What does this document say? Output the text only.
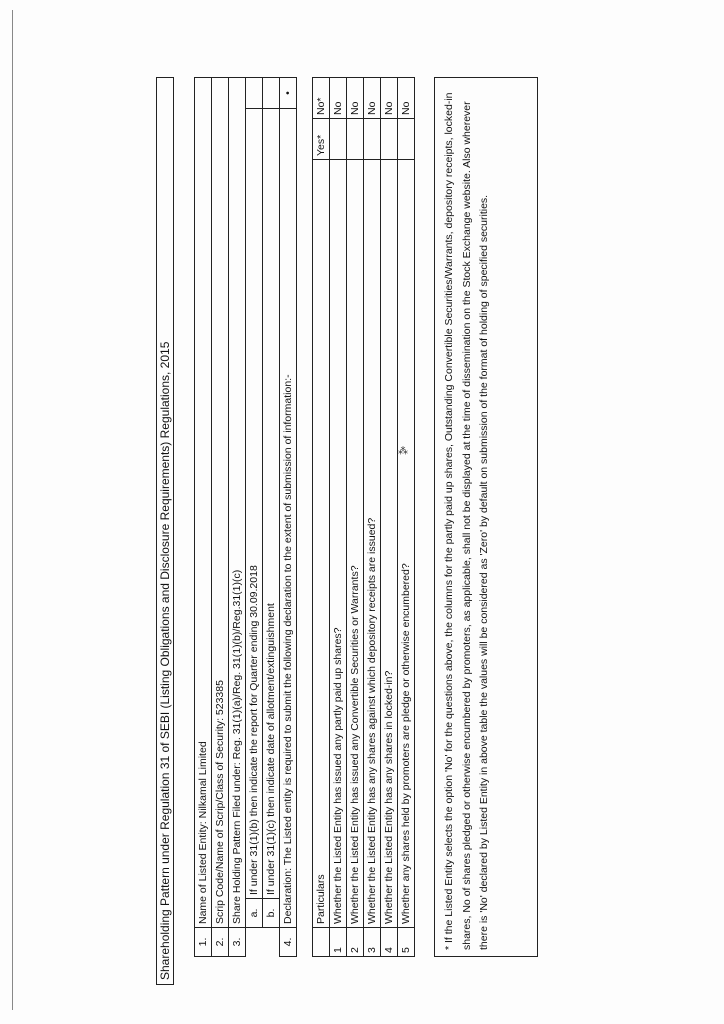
⁂
Shareholding Pattern under Regulation 31 of SEBI (Listing Obligations and Disclosure Requirements) Regulations, 2015 1.	Name of Listed Entity: Nilkamal Limited		
2.	Scrip Code/Name of Scrip/Class of Security: 523385		
3.	Share Holding Pattern Filed under: Reg. 31(1)(a)/Reg. 31(1)(b)/Reg.31(1)(c)		
	a.	If under 31(1)(b) then indicate the report for Quarter ending 30.09.2018	
	b.	If under 31(1)(c) then indicate date of allotment/extinguishment	
4.	Declaration: The Listed entity is required to submit the following declaration to the extent of submission of information:-		•
	Particulars	Yes*	No*
1	Whether the Listed Entity has issued any partly paid up shares?		No
2	Whether the Listed Entity has issued any Convertible Securities or Warrants?		No
3	Whether the Listed Entity has any shares against which depository receipts are issued?		No
4	Whether the Listed Entity has any shares in locked-in?		No
5	Whether any shares held by promoters are pledge or otherwise encumbered?		No	* If the Listed Entity selects the option 'No' for the questions above, the columns for the partly paid up shares, Outstanding Convertible Securities/Warrants, depository receipts, locked-in shares, No of shares pledged or otherwise encumbered by promoters, as applicable, shall not be displayed at the time of dissemination on the Stock Exchange website. Also wherever there is 'No' declared by Listed Entity in above table the values will be considered as 'Zero' by default on submission of the format of holding of specified securities.
